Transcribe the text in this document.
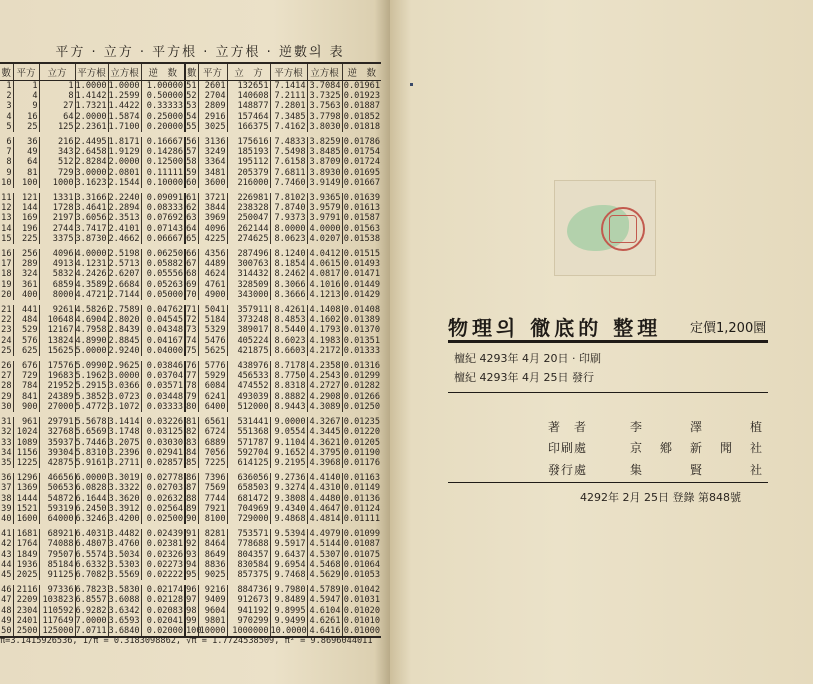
平方 · 立方 · 平方根 · 立方根 · 逆數의 表
數	平方	立方	平方根	立方根	逆　数	數	平方	立　方	平方根	立方根	逆　数
1	1	1	1.0000	1.0000	1.00000	51	2601	132651	7.1414	3.7084	0.01961
2	4	8	1.4142	1.2599	0.50000	52	2704	140608	7.2111	3.7325	0.01923
3	9	27	1.7321	1.4422	0.33333	53	2809	148877	7.2801	3.7563	0.01887
4	16	64	2.0000	1.5874	0.25000	54	2916	157464	7.3485	3.7798	0.01852
5	25	125	2.2361	1.7100	0.20000	55	3025	166375	7.4162	3.8030	0.01818
6	36	216	2.4495	1.8171	0.16667	56	3136	175616	7.4833	3.8259	0.01786
7	49	343	2.6458	1.9129	0.14286	57	3249	185193	7.5498	3.8485	0.01754
8	64	512	2.8284	2.0000	0.12500	58	3364	195112	7.6158	3.8709	0.01724
9	81	729	3.0000	2.0801	0.11111	59	3481	205379	7.6811	3.8930	0.01695
10	100	1000	3.1623	2.1544	0.10000	60	3600	216000	7.7460	3.9149	0.01667
11	121	1331	3.3166	2.2240	0.09091	61	3721	226981	7.8102	3.9365	0.01639
12	144	1728	3.4641	2.2894	0.08333	62	3844	238328	7.8740	3.9579	0.01613
13	169	2197	3.6056	2.3513	0.07692	63	3969	250047	7.9373	3.9791	0.01587
14	196	2744	3.7417	2.4101	0.07143	64	4096	262144	8.0000	4.0000	0.01563
15	225	3375	3.8730	2.4662	0.06667	65	4225	274625	8.0623	4.0207	0.01538
16	256	4096	4.0000	2.5198	0.06250	66	4356	287496	8.1240	4.0412	0.01515
17	289	4913	4.1231	2.5713	0.05882	67	4489	300763	8.1854	4.0615	0.01493
18	324	5832	4.2426	2.6207	0.05556	68	4624	314432	8.2462	4.0817	0.01471
19	361	6859	4.3589	2.6684	0.05263	69	4761	328509	8.3066	4.1016	0.01449
20	400	8000	4.4721	2.7144	0.05000	70	4900	343000	8.3666	4.1213	0.01429
21	441	9261	4.5826	2.7589	0.04762	71	5041	357911	8.4261	4.1408	0.01408
22	484	10648	4.6904	2.8020	0.04545	72	5184	373248	8.4853	4.1602	0.01389
23	529	12167	4.7958	2.8439	0.04348	73	5329	389017	8.5440	4.1793	0.01370
24	576	13824	4.8990	2.8845	0.04167	74	5476	405224	8.6023	4.1983	0.01351
25	625	15625	5.0000	2.9240	0.04000	75	5625	421875	8.6603	4.2172	0.01333
26	676	17576	5.0990	2.9625	0.03846	76	5776	438976	8.7178	4.2358	0.01316
27	729	19683	5.1962	3.0000	0.03704	77	5929	456533	8.7750	4.2543	0.01299
28	784	21952	5.2915	3.0366	0.03571	78	6084	474552	8.8318	4.2727	0.01282
29	841	24389	5.3852	3.0723	0.03448	79	6241	493039	8.8882	4.2908	0.01266
30	900	27000	5.4772	3.1072	0.03333	80	6400	512000	8.9443	4.3089	0.01250
31	961	29791	5.5678	3.1414	0.03226	81	6561	531441	9.0000	4.3267	0.01235
32	1024	32768	5.6569	3.1748	0.03125	82	6724	551368	9.0554	4.3445	0.01220
33	1089	35937	5.7446	3.2075	0.03030	83	6889	571787	9.1104	4.3621	0.01205
34	1156	39304	5.8310	3.2396	0.02941	84	7056	592704	9.1652	4.3795	0.01190
35	1225	42875	5.9161	3.2711	0.02857	85	7225	614125	9.2195	4.3968	0.01176
36	1296	46656	6.0000	3.3019	0.02778	86	7396	636056	9.2736	4.4140	0.01163
37	1369	50653	6.0828	3.3322	0.02703	87	7569	658503	9.3274	4.4310	0.01149
38	1444	54872	6.1644	3.3620	0.02632	88	7744	681472	9.3808	4.4480	0.01136
39	1521	59319	6.2450	3.3912	0.02564	89	7921	704969	9.4340	4.4647	0.01124
40	1600	64000	6.3246	3.4200	0.02500	90	8100	729000	9.4868	4.4814	0.01111
41	1681	68921	6.4031	3.4482	0.02439	91	8281	753571	9.5394	4.4979	0.01099
42	1764	74088	6.4807	3.4760	0.02381	92	8464	778688	9.5917	4.5144	0.01087
43	1849	79507	6.5574	3.5034	0.02326	93	8649	804357	9.6437	4.5307	0.01075
44	1936	85184	6.6332	3.5303	0.02273	94	8836	830584	9.6954	4.5468	0.01064
45	2025	91125	6.7082	3.5569	0.02222	95	9025	857375	9.7468	4.5629	0.01053
46	2116	97336	6.7823	3.5830	0.02174	96	9216	884736	9.7980	4.5789	0.01042
47	2209	103823	6.8557	3.6088	0.02128	97	9409	912673	9.8489	4.5947	0.01031
48	2304	110592	6.9282	3.6342	0.02083	98	9604	941192	9.8995	4.6104	0.01020
49	2401	117649	7.0000	3.6593	0.02041	99	9801	970299	9.9499	4.6261	0.01010
50	2500	125000	7.0711	3.6840	0.02000	100	10000	1000000	10.0000	4.6416	0.01000
π=3.1415926536, 1/π = 0.3183098862, √π = 1.7724538509, π² = 9.8696044011
物理의 徹底的 整理 定價1,200圜
檀紀 4293年 4月 20日 · 印刷
檀紀 4293年 4月 25日 發行
著　者	李	澤	植
印刷處	京 鄕 新 聞 社
發行處	集	賢	社
4292年 2月 25日 登錄 第848號
